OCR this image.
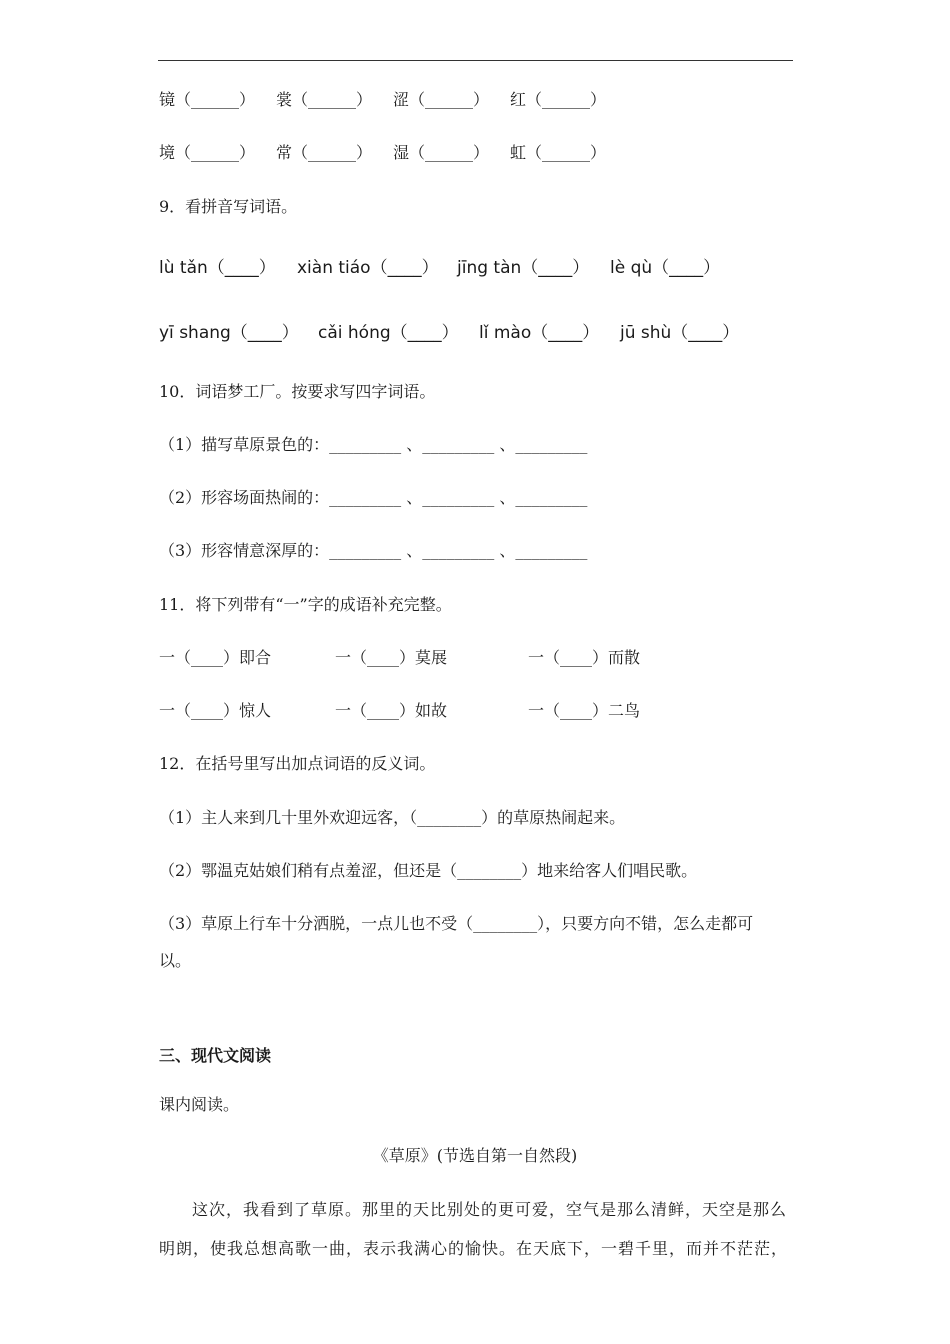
镜（______） 裳（______） 涩（______） 红（______）
境（______） 常（______） 湿（______） 虹（______）
9．看拼音写词语。
lù tǎn（____） xiàn tiáo（____） jīng tàn（____） lè qù（____）
yī shang（____） cǎi hóng（____） lǐ mào（____） jū shù（____）
10．词语梦工厂。按要求写四字词语。
（1）描写草原景色的：_________ 、_________ 、_________
（2）形容场面热闹的：_________ 、_________ 、_________
（3）形容情意深厚的：_________ 、_________ 、_________
11．将下列带有“一”字的成语补充完整。
一（____）即合	一（____）莫展	一（____）而散
一（____）惊人	一（____）如故	一（____）二鸟
12．在括号里写出加点词语的反义词。
（1）主人来到几十里外欢迎远客，（________）的草原热闹起来。
（2）鄂温克姑娘们稍有点羞涩，但还是（________）地来给客人们唱民歌。
（3）草原上行车十分洒脱，一点儿也不受（________），只要方向不错，怎么走都可
以。
三、现代文阅读
课内阅读。
《草原》(节选自第一自然段)
这次，我看到了草原。那里的天比别处的更可爱，空气是那么清鲜，天空是那么
明朗，使我总想高歌一曲，表示我满心的愉快。在天底下，一碧千里，而并不茫茫，
